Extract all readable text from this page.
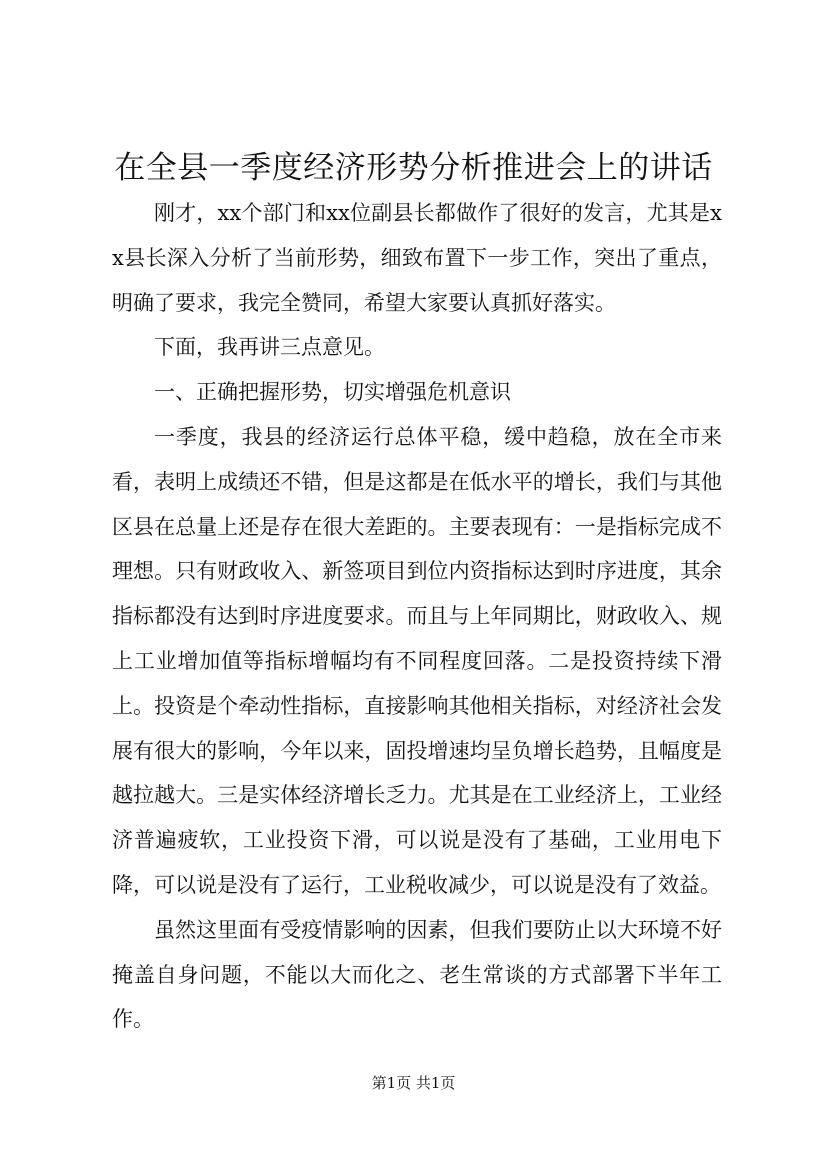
在全县一季度经济形势分析推进会上的讲话

刚才，xx个部门和xx位副县长都做作了很好的发言，尤其是xx县长深入分析了当前形势，细致布置下一步工作，突出了重点，明确了要求，我完全赞同，希望大家要认真抓好落实。

下面，我再讲三点意见。

一、正确把握形势，切实增强危机意识

一季度，我县的经济运行总体平稳，缓中趋稳，放在全市来看，表明上成绩还不错，但是这都是在低水平的增长，我们与其他区县在总量上还是存在很大差距的。主要表现有：一是指标完成不理想。只有财政收入、新签项目到位内资指标达到时序进度，其余指标都没有达到时序进度要求。而且与上年同期比，财政收入、规上工业增加值等指标增幅均有不同程度回落。二是投资持续下滑上。投资是个牵动性指标，直接影响其他相关指标，对经济社会发展有很大的影响，今年以来，固投增速均呈负增长趋势，且幅度是越拉越大。三是实体经济增长乏力。尤其是在工业经济上，工业经济普遍疲软，工业投资下滑，可以说是没有了基础，工业用电下降，可以说是没有了运行，工业税收减少，可以说是没有了效益。

虽然这里面有受疫情影响的因素，但我们要防止以大环境不好掩盖自身问题，不能以大而化之、老生常谈的方式部署下半年工作。

第1页 共1页
